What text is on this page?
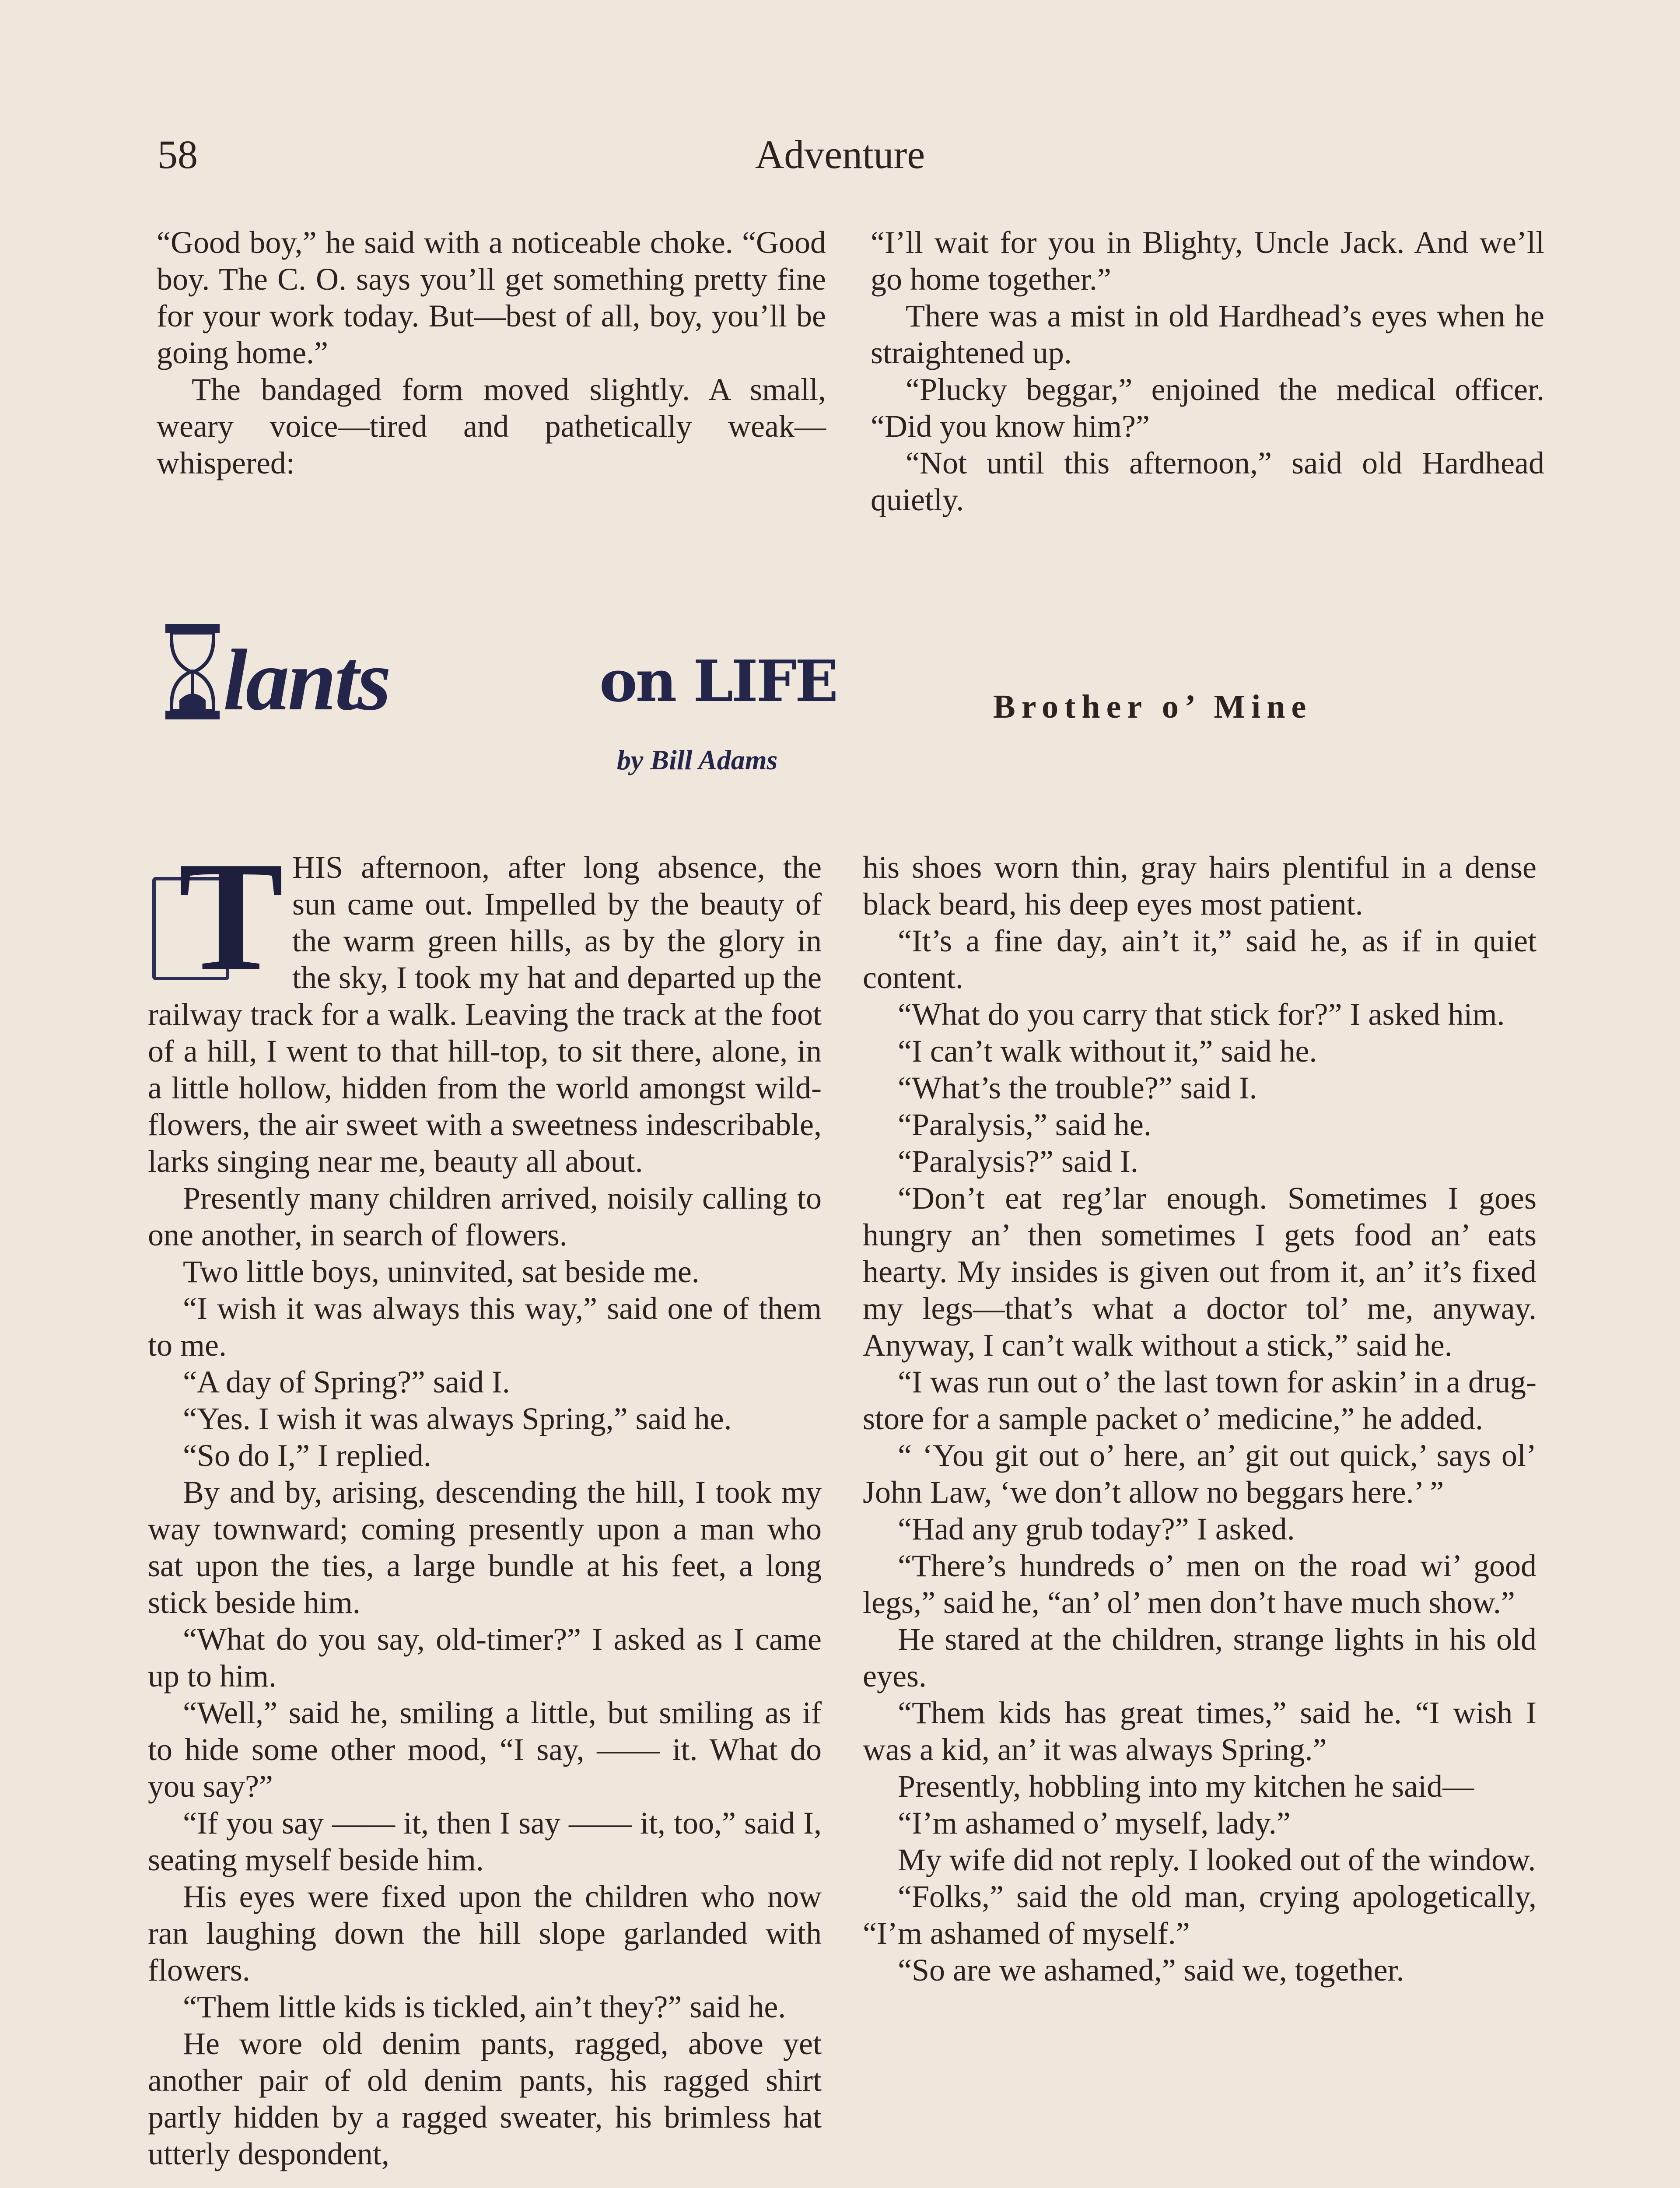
58	Adventure

“Good boy,” he said with a noticeable choke. “Good boy. The C. O. says you’ll get something pretty fine for your work today. But—best of all, boy, you’ll be going home.”

The bandaged form moved slightly. A small, weary voice—tired and pathetically weak—whispered:

“I’ll wait for you in Blighty, Uncle Jack. And we’ll go home together.”

There was a mist in old Hardhead’s eyes when he straightened up.

“Plucky beggar,” enjoined the medical officer. “Did you know him?”

“Not until this afternoon,” said old Hardhead quietly.

lants	on LIFE
by Bill Adams
Brother o’ Mine
T HIS afternoon, after long absence, the sun came out. Impelled by the beauty of the warm green hills, as by the glory in the sky, I took my hat and departed up the railway track for a walk. Leaving the track at the foot of a hill, I went to that hill-top, to sit there, alone, in a little hollow, hidden from the world amongst wild-flowers, the air sweet with a sweetness indescribable, larks singing near me, beauty all about.

Presently many children arrived, noisily calling to one another, in search of flowers.

Two little boys, uninvited, sat beside me.

“I wish it was always this way,” said one of them to me.

“A day of Spring?” said I.

“Yes. I wish it was always Spring,” said he.

“So do I,” I replied.

By and by, arising, descending the hill, I took my way townward; coming presently upon a man who sat upon the ties, a large bundle at his feet, a long stick beside him.

“What do you say, old-timer?” I asked as I came up to him.

“Well,” said he, smiling a little, but smiling as if to hide some other mood, “I say, —— it. What do you say?”

“If you say —— it, then I say —— it, too,” said I, seating myself beside him.

His eyes were fixed upon the children who now ran laughing down the hill slope garlanded with flowers.

“Them little kids is tickled, ain’t they?” said he.

He wore old denim pants, ragged, above yet another pair of old denim pants, his ragged shirt partly hidden by a ragged sweater, his brimless hat utterly despondent,

his shoes worn thin, gray hairs plentiful in a dense black beard, his deep eyes most patient.

“It’s a fine day, ain’t it,” said he, as if in quiet content.

“What do you carry that stick for?” I asked him.

“I can’t walk without it,” said he.

“What’s the trouble?” said I.

“Paralysis,” said he.

“Paralysis?” said I.

“Don’t eat reg’lar enough. Sometimes I goes hungry an’ then sometimes I gets food an’ eats hearty. My insides is given out from it, an’ it’s fixed my legs—that’s what a doctor tol’ me, anyway. Anyway, I can’t walk without a stick,” said he.

“I was run out o’ the last town for askin’ in a drug-store for a sample packet o’ medicine,” he added.

“ ‘You git out o’ here, an’ git out quick,’ says ol’ John Law, ‘we don’t allow no beggars here.’ ”

“Had any grub today?” I asked.

“There’s hundreds o’ men on the road wi’ good legs,” said he, “an’ ol’ men don’t have much show.”

He stared at the children, strange lights in his old eyes.

“Them kids has great times,” said he. “I wish I was a kid, an’ it was always Spring.”

Presently, hobbling into my kitchen he said—

“I’m ashamed o’ myself, lady.”

My wife did not reply. I looked out of the window.

“Folks,” said the old man, crying apologetically, “I’m ashamed of myself.”

“So are we ashamed,” said we, together.
